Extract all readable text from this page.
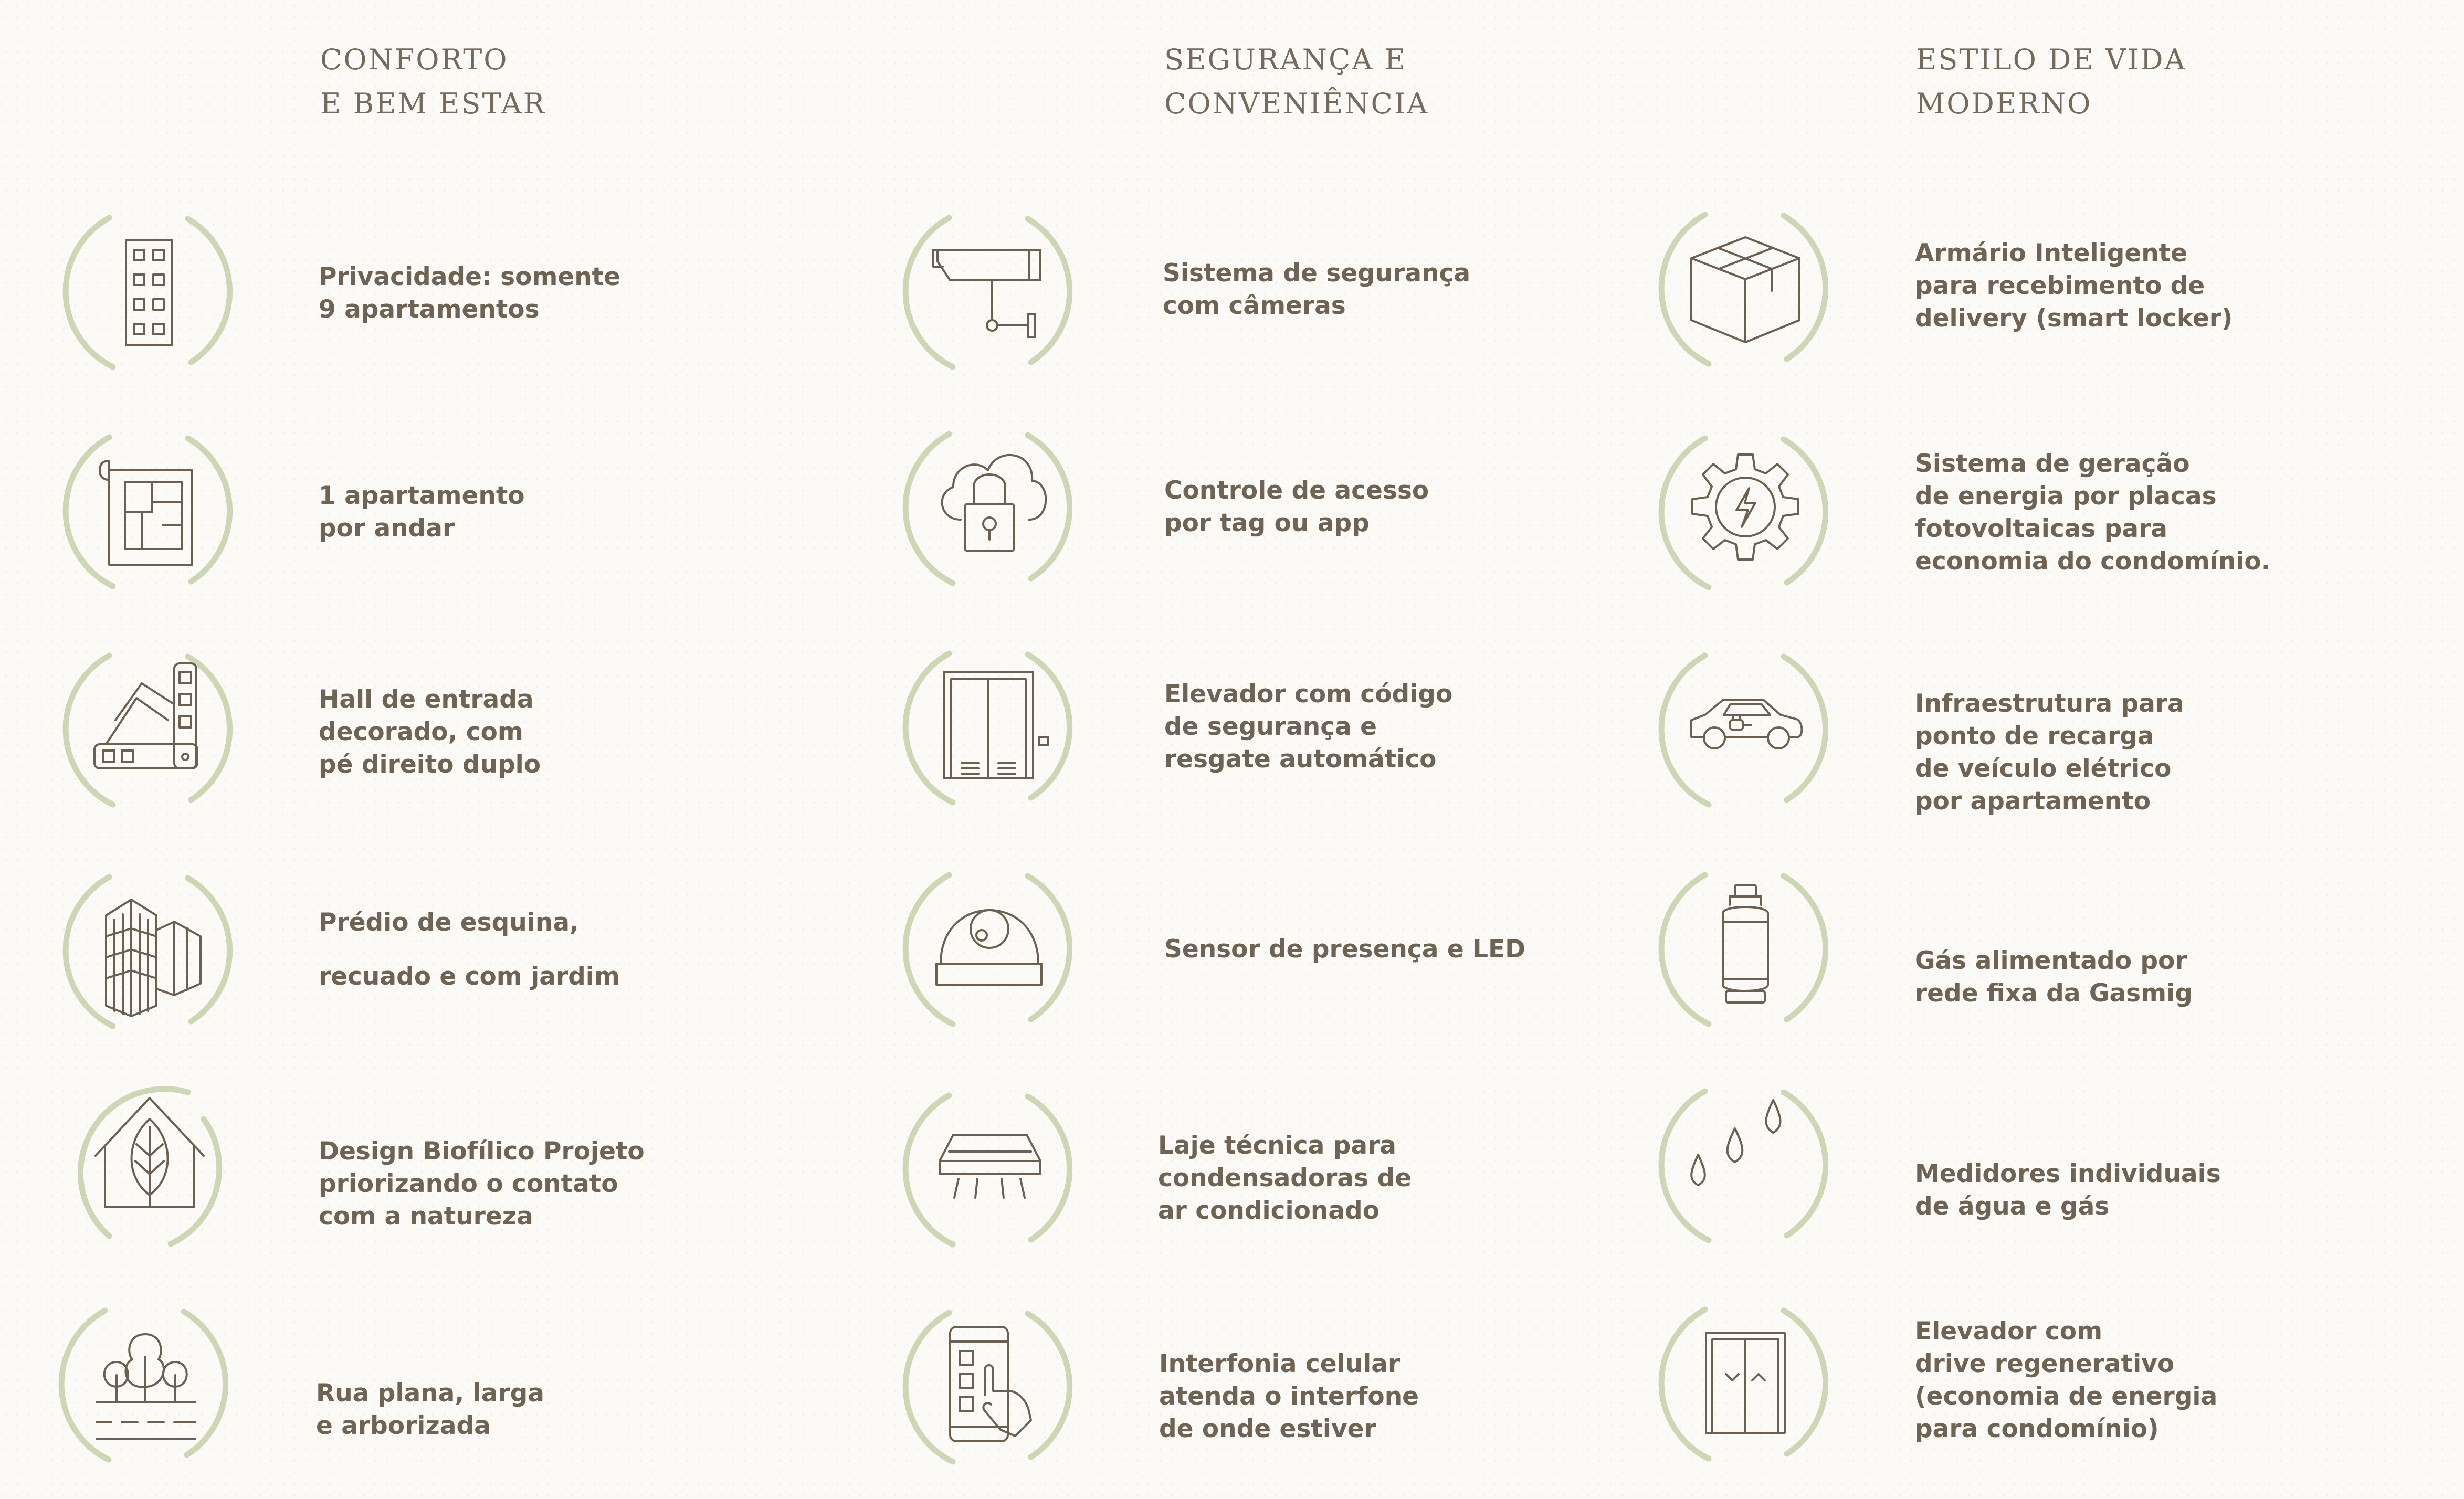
CONFORTO
E BEM ESTAR
SEGURANÇA E
CONVENIÊNCIA
ESTILO DE VIDA
MODERNO

Privacidade: somente
9 apartamentos

1 apartamento
por andar

Hall de entrada
decorado, com
pé direito duplo

Prédio de esquina,

recuado e com jardim

Design Biofílico Projeto
priorizando o contato
com a natureza

Rua plana, larga
e arborizada

Sistema de segurança
com câmeras

Controle de acesso
por tag ou app

Elevador com código
de segurança e
resgate automático

Sensor de presença e LED

Laje técnica para
condensadoras de
ar condicionado

Interfonia celular
atenda o interfone
de onde estiver

Armário Inteligente
para recebimento de
delivery (smart locker)

Sistema de geração
de energia por placas
fotovoltaicas para
economia do condomínio.

Infraestrutura para
ponto de recarga
de veículo elétrico
por apartamento

Gás alimentado por
rede fixa da Gasmig

Medidores individuais
de água e gás

Elevador com
drive regenerativo
(economia de energia
para condomínio)
